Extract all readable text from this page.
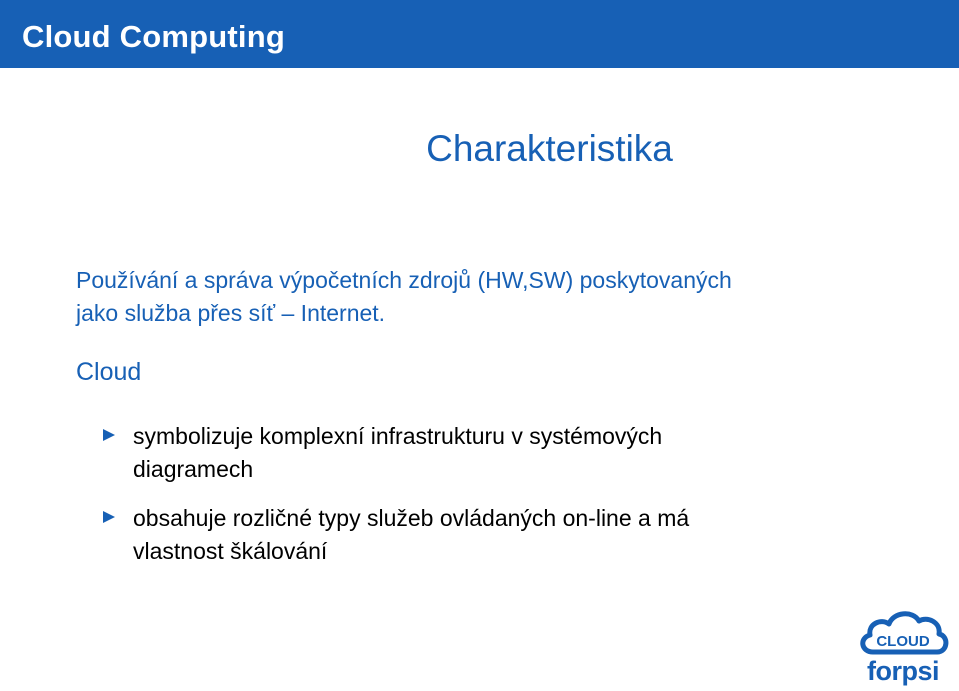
Cloud Computing
Charakteristika
Používání a správa výpočetních zdrojů (HW,SW) poskytovaných
jako služba přes síť – Internet.
Cloud
symbolizuje komplexní infrastrukturu v systémových
diagramech
obsahuje rozličné typy služeb ovládaných on-line a má
vlastnost škálování
CLOUD
forpsi
